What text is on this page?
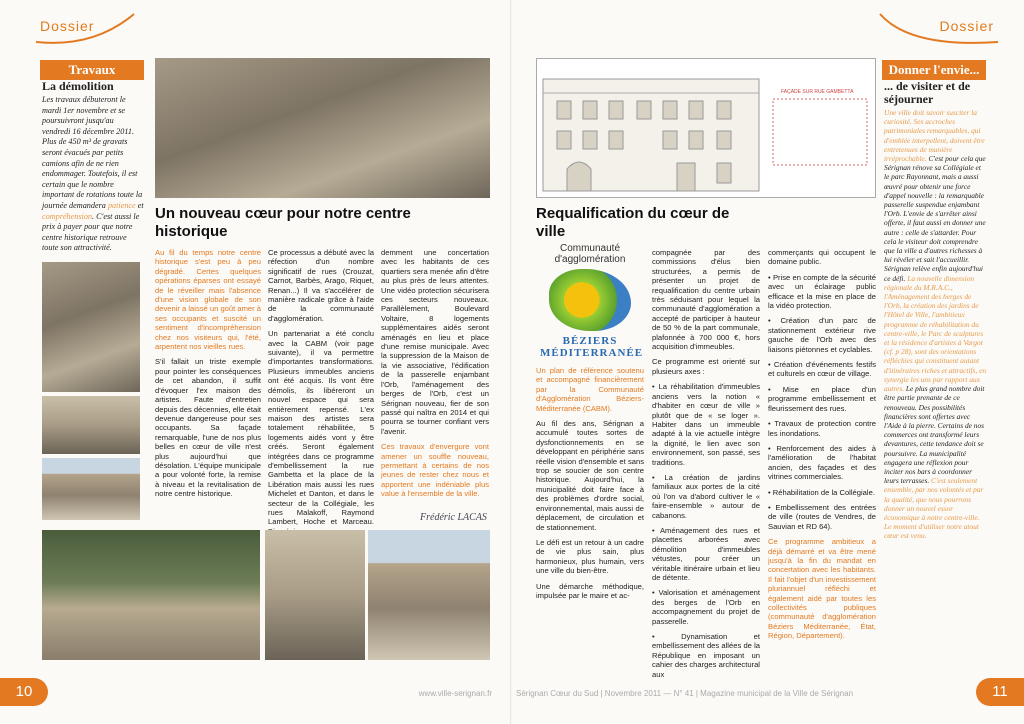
Dossier
Travaux
La démolition
Les travaux débuteront le mardi 1er novembre et se poursuivront jusqu'au vendredi 16 décembre 2011. Plus de 450 m³ de gravats seront évacués par petits camions afin de ne rien endommager. Toutefois, il est certain que le nombre important de rotations toute la journée demandera patience et compréhension. C'est aussi le prix à payer pour que notre centre historique retrouve toute son attractivité.
Un nouveau cœur pour notre centre historique

Au fil du temps notre centre historique s'est peu à peu dégradé. Certes quelques opérations éparses ont essayé de le réveiller mais l'absence d'une vision globale de son devenir a laissé un goût amer à ses occupants et suscité un sentiment d'incompréhension chez nos visiteurs qui, l'été, arpentent nos vieilles rues.

S'il fallait un triste exemple pour pointer les conséquences de cet abandon, il suffit d'évoquer l'ex maison des artistes. Faute d'entretien depuis des décennies, elle était devenue dangereuse pour ses occupants. Sa façade remarquable, l'une de nos plus belles en cœur de ville n'est plus aujourd'hui que désolation. L'équipe municipale a pour volonté forte, la remise à niveau et la revitalisation de notre centre historique.

Ce processus a débuté avec la réfection d'un nombre significatif de rues (Crouzat, Carnot, Barbès, Arago, Riquet, Renan...) Il va s'accélérer de manière radicale grâce à l'aide de la communauté d'agglomération.

Un partenariat a été conclu avec la CABM (voir page suivante), il va permettre d'importantes transformations. Plusieurs immeubles anciens ont été acquis. Ils vont être démolis, ils libéreront un nouvel espace qui sera entièrement repensé. L'ex maison des artistes sera totalement réhabilitée, 5 logements aidés vont y être créés. Seront également intégrées dans ce programme d'embellissement la rue Gambetta et la place de la Libération mais aussi les rues Michelet et Danton, et dans le secteur de la Collégiale, les rues Malakoff, Raymond Lambert, Hoche et Marceau.

demment une concertation avec les habitants de ces quartiers sera menée afin d'être au plus près de leurs attentes. Une vidéo protection sécurisera ces secteurs nouveaux. Parallèlement, Boulevard Voltaire, 8 logements supplémentaires aidés seront aménagés en lieu et place d'une remise municipale. Avec la suppression de la Maison de la vie associative, l'édification de la passerelle enjambant l'Orb, l'aménagement des berges de l'Orb, c'est un Sérignan nouveau, fier de son passé qui naîtra en 2014 et qui pourra se tourner confiant vers l'avenir.

Ces travaux d'envergure vont amener un souffle nouveau, permettant à certains de nos jeunes de rester chez nous et apportent une indéniable plus value à l'ensemble de la ville.

Frédéric LACAS
10	www.ville-serignan.fr
Dossier
FAÇADE SUR RUE GAMBETTA
Requalification du cœur de ville
Communauté d'agglomération
BÉZIERS MÉDITERRANÉE

Un plan de référence soutenu et accompagné financièrement par la Communauté d'Agglomération Béziers-Méditerranée (CABM).

Au fil des ans, Sérignan a accumulé toutes sortes de dysfonctionnements en se développant en périphérie sans réelle vision d'ensemble et sans trop se soucier de son centre historique. Aujourd'hui, la municipalité doit faire face à des problèmes d'ordre social, environnemental, mais aussi de déplacement, de circulation et de stationnement.

Le défi est un retour à un cadre de vie plus sain, plus harmonieux, plus humain, vers une ville du bien-être.

Une démarche méthodique, impulsée par le maire et ac-

compagnée par des commissions d'élus bien structurées, a permis de présenter un projet de requalification du centre urbain très séduisant pour lequel la communauté d'agglomération a accepté de participer à hauteur de 50 % de la part communale, plafonnée à 700 000 €, hors acquisition d'immeubles.

Ce programme est orienté sur plusieurs axes :

• La réhabilitation d'immeubles anciens vers la notion « d'habiter en cœur de ville » plutôt que de « se loger ». Habiter dans un immeuble adapté à la vie actuelle intègre la dignité, le lien avec son environnement, son passé, ses traditions.

• La création de jardins familiaux aux portes de la cité où l'on va d'abord cultiver le « faire-ensemble » autour de cabanons.

• Aménagement des rues et placettes arborées avec démolition d'immeubles vétustes, pour créer un véritable itinéraire urbain et lieu de détente.

• Valorisation et aménagement des berges de l'Orb en accompagnement du projet de passerelle.

• Dynamisation et embellissement des allées de la République en imposant un cahier des charges architectural aux

commerçants qui occupent le domaine public.

• Prise en compte de la sécurité avec un éclairage public efficace et la mise en place de la vidéo protection.

• Création d'un parc de stationnement extérieur rive gauche de l'Orb avec des liaisons piétonnes et cyclables.

• Création d'événements festifs et culturels en cœur de village.

• Mise en place d'un programme embellissement et fleurissement des rues.

• Travaux de protection contre les inondations.

• Renforcement des aides à l'amélioration de l'habitat ancien, des façades et des vitrines commerciales.

• Réhabilitation de la Collégiale.

• Embellissement des entrées de ville (routes de Vendres, de Sauvian et RD 64).

Ce programme ambitieux a déjà démarré et va être mené jusqu'à la fin du mandat en concertation avec les habitants. Il fait l'objet d'un investissement pluriannuel réfléchi et également aidé par toutes les collectivités publiques (communauté d'agglomération Béziers Méditerranée, État, Région, Département).

Donner l'envie...
... de visiter et de séjourner
Une ville doit savoir susciter la curiosité. Ses accroches patrimoniales remarquables, qui d'emblée interpellent, doivent être entretenues de manière irréprochable. C'est pour cela que Sérignan rénove sa Collégiale et le parc Rayonnant, mais a aussi œuvré pour obtenir une force d'appel nouvelle : la remarquable passerelle suspendue enjambant l'Orb. L'envie de s'arrêter ainsi offerte, il faut aussi en donner une autre : celle de s'attarder. Pour cela le visiteur doit comprendre que la ville a d'autres richesses à lui révéler et sait l'accueillir. Sérignan relève enfin aujourd'hui ce défi. La nouvelle dimension régionale du M.R.A.C., l'Aménagement des berges de l'Orb, la création des jardins de l'Hôtel de Ville, l'ambitieux programme de réhabilitation du centre-ville, le Parc de sculptures et la résidence d'artistes à Vargot (cf. p 28), sont des orientations réfléchies qui constituent autant d'itinéraires riches et attractifs, en synergie les uns par rapport aux autres. Le plus grand nombre doit être partie prenante de ce renouveau. Des possibilités financières sont offertes avec l'Aide à la pierre. Certains de nos commerces ont transformé leurs devantures, cette tendance doit se poursuivre. La municipalité engagera une réflexion pour inciter nos bars à coordonner leurs terrasses. C'est seulement ensemble, par nos volontés et par la qualité, que nous pourrons donner un nouvel essor économique à notre centre-ville. Le moment d'utiliser notre atout cœur est venu.
11
Sérignan Cœur du Sud | Novembre 2011 — N° 41 | Magazine municipal de la Ville de Sérignan
